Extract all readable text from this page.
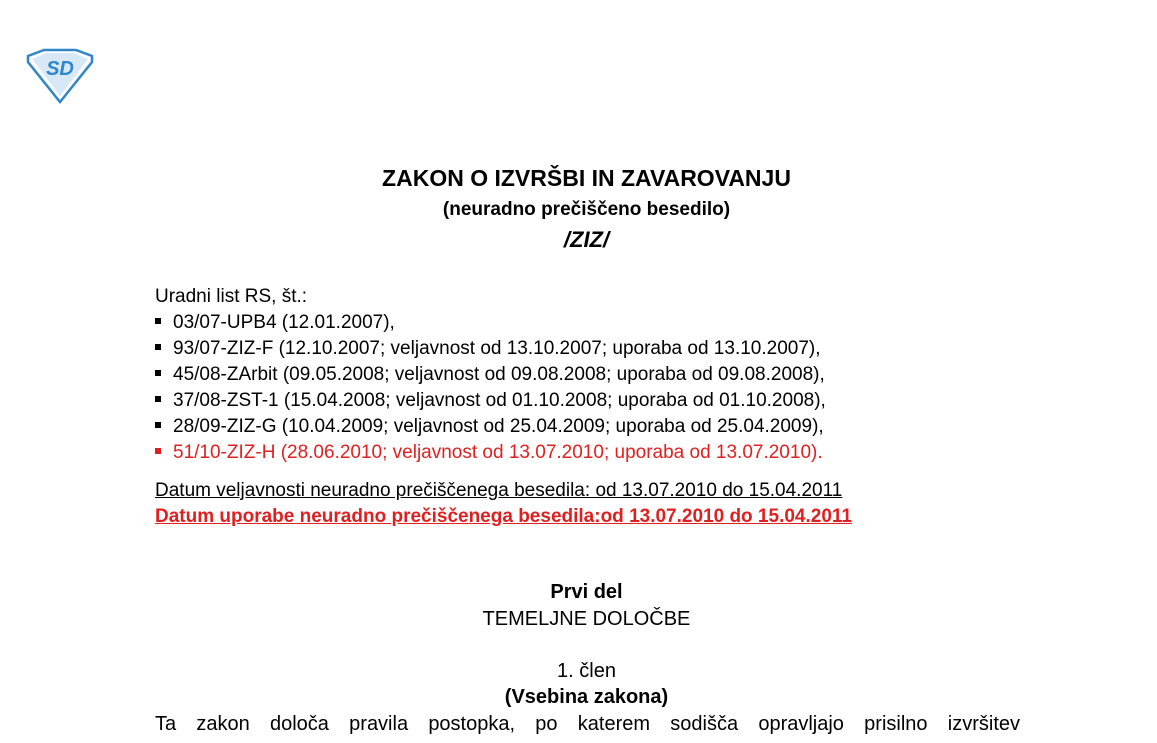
SD
ZAKON O IZVRŠBI IN ZAVAROVANJU
(neuradno prečiščeno besedilo)
/ZIZ/
Uradni list RS, št.:
03/07-UPB4 (12.01.2007),
93/07-ZIZ-F (12.10.2007; veljavnost od 13.10.2007; uporaba od 13.10.2007),
45/08-ZArbit (09.05.2008; veljavnost od 09.08.2008; uporaba od 09.08.2008),
37/08-ZST-1 (15.04.2008; veljavnost od 01.10.2008; uporaba od 01.10.2008),
28/09-ZIZ-G (10.04.2009; veljavnost od 25.04.2009; uporaba od 25.04.2009),
51/10-ZIZ-H (28.06.2010; veljavnost od 13.07.2010; uporaba od 13.07.2010).
Datum veljavnosti neuradno prečiščenega besedila: od 13.07.2010 do 15.04.2011
Datum uporabe neuradno prečiščenega besedila:od 13.07.2010 do 15.04.2011
Prvi del
TEMELJNE DOLOČBE
1. člen
(Vsebina zakona)
Ta zakon določa pravila postopka, po katerem sodišča opravljajo prisilno izvršitev
